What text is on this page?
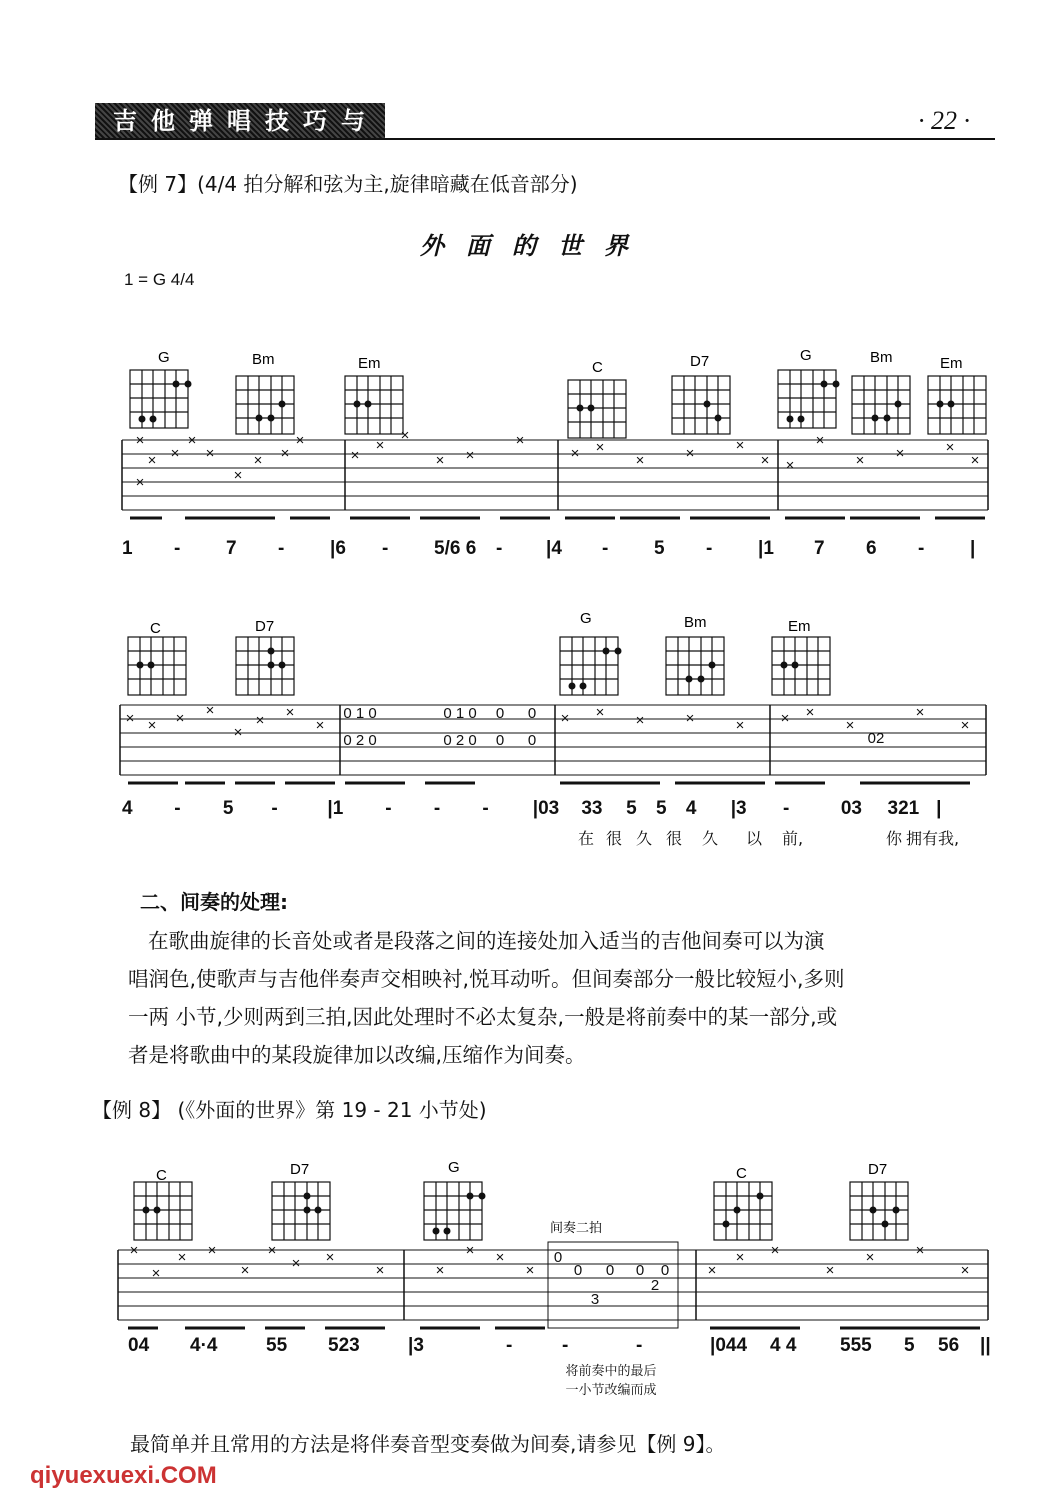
吉他弹唱技巧与实例
· 22 ·
【例 7】(4/4 拍分解和弦为主,旋律暗藏在低音部分)
外面的世界
1 = G 4/4
G	Bm	Em	C	D7	G	Bm	Em
×
× ×
×
×
×
×
× ×
×
×
×
×
× ×
×
× ×
×	×	×
× ×
×
× ×	×
×
1	-	7	-	|6	-	5/6 6	-	|4	-	5	-	|1	7	6	-	|
C	D7	G	Bm	Em
× × × ×
×
× ×
×
0 1 0
0 2 0
0 1 0
0 2 0
0
0
0
0
× × ×	×	× × ×
×
02
×
×
4	-	5	-	|1	-	-	-	|03	33	5	5	4	|3	-	03	321 |
在 很 久 很	久	以	前,	你 拥有我,
二、间奏的处理:

在歌曲旋律的长音处或者是段落之间的连接处加入适当的吉他间奏可以为演

唱润色,使歌声与吉他伴奏声交相映衬,悦耳动听。但间奏部分一般比较短小,多则

一两 小节,少则两到三拍,因此处理时不必太复杂,一般是将前奏中的某一部分,或

者是将歌曲中的某段旋律加以改编,压缩作为间奏。

【例 8】 (《外面的世界》第 19 - 21 小节处)
C	D7	G	C	D7
间奏二拍
×
×
× ×
×
×
× ×
×	×
× ×
×
0
0 0 0 0
3
2
×
× ×
×
×	×
×
04	4·4	55	523	|3	-	-	-	|044	4 4	555	5	56	||
将前奏中的最后
一小节改编而成
最简单并且常用的方法是将伴奏音型变奏做为间奏,请参见【例 9】。
qiyuexuexi.COM
